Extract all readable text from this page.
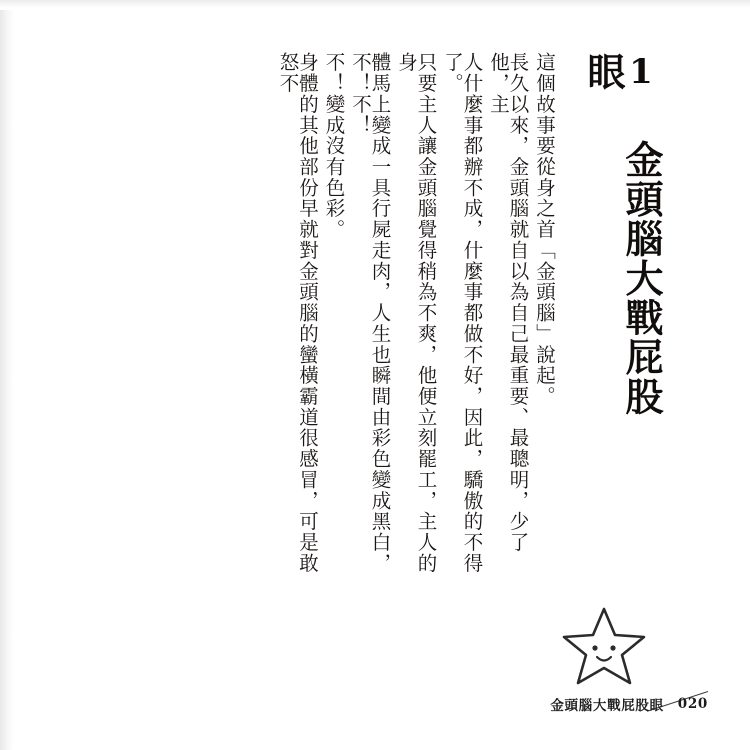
1 金頭腦大戰屁股眼
這個故事要從身之首「金頭腦」說起。
長久以來，金頭腦就自以為自己最重要、最聰明，少了他，主
人什麼事都辦不成，什麼事都做不好，因此，驕傲的不得了。
只要主人讓金頭腦覺得稍為不爽，他便立刻罷工，主人的身
體馬上變成一具行屍走肉，人生也瞬間由彩色變成黑白，不！不！
不！變成沒有色彩。
身體的其他部份早就對金頭腦的蠻橫霸道很感冒，可是敢怒不
金頭腦大戰屁股眼 020
